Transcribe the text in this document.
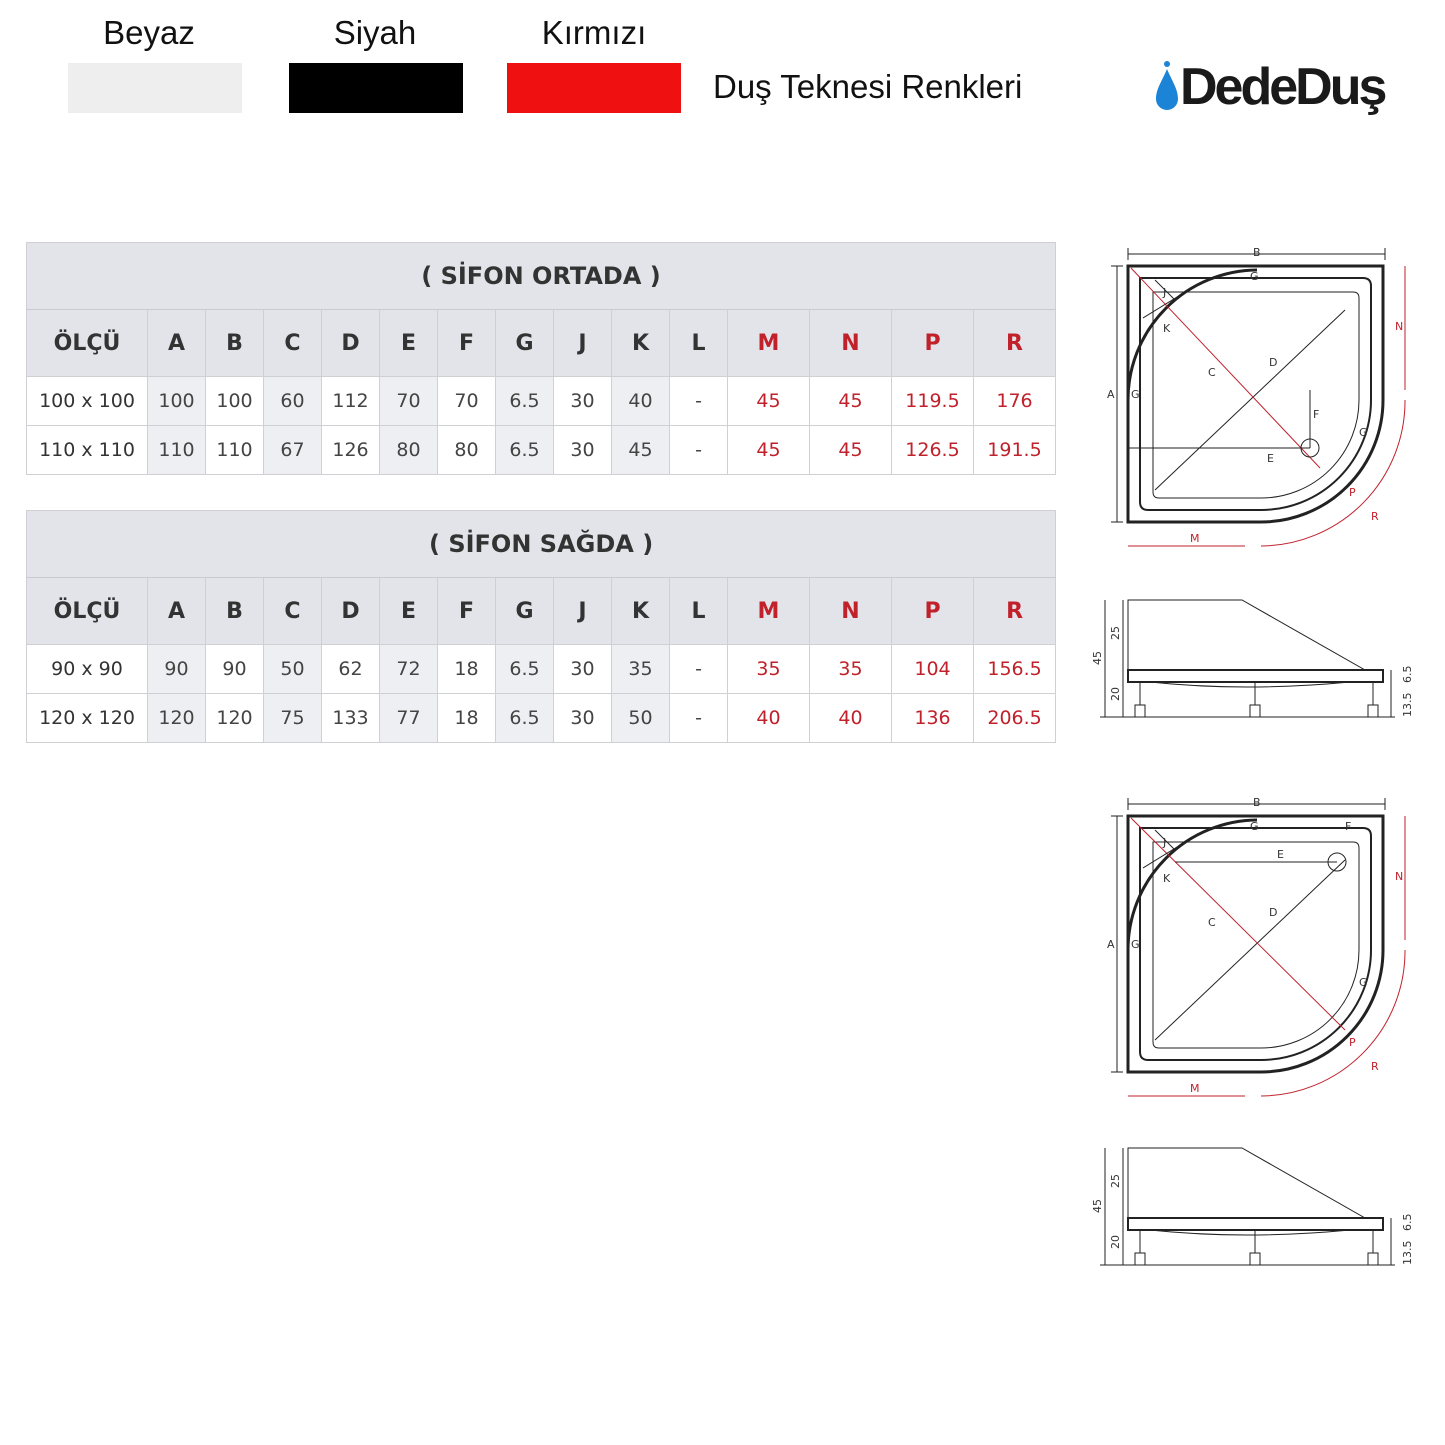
Beyaz	Siyah	Kırmızı
Duş Teknesi Renkleri	DedeDuş
( SİFON ORTADA )														
ÖLÇÜ	A	B	C	D	E	F	G	J	K	L	M	N	P	R
100 x 100	100	100	60	112	70	70	6.5	30	40	-	45	45	119.5	176
110 x 110	110	110	67	126	80	80	6.5	30	45	-	45	45	126.5	191.5
( SİFON SAĞDA )														
ÖLÇÜ	A	B	C	D	E	F	G	J	K	L	M	N	P	R
90 x 90	90	90	50	62	72	18	6.5	30	35	-	35	35	104	156.5
120 x 120	120	120	75	133	77	18	6.5	30	50	-	40	40	136	206.5
B
G
A G
C
D
E
F
G
J
K
M
N
P
R
45
25
20
6.5
13.5
B
G	F
E
A G
C
D
G
J
K
M
N
P
R
45
25
20
6.5
13.5
